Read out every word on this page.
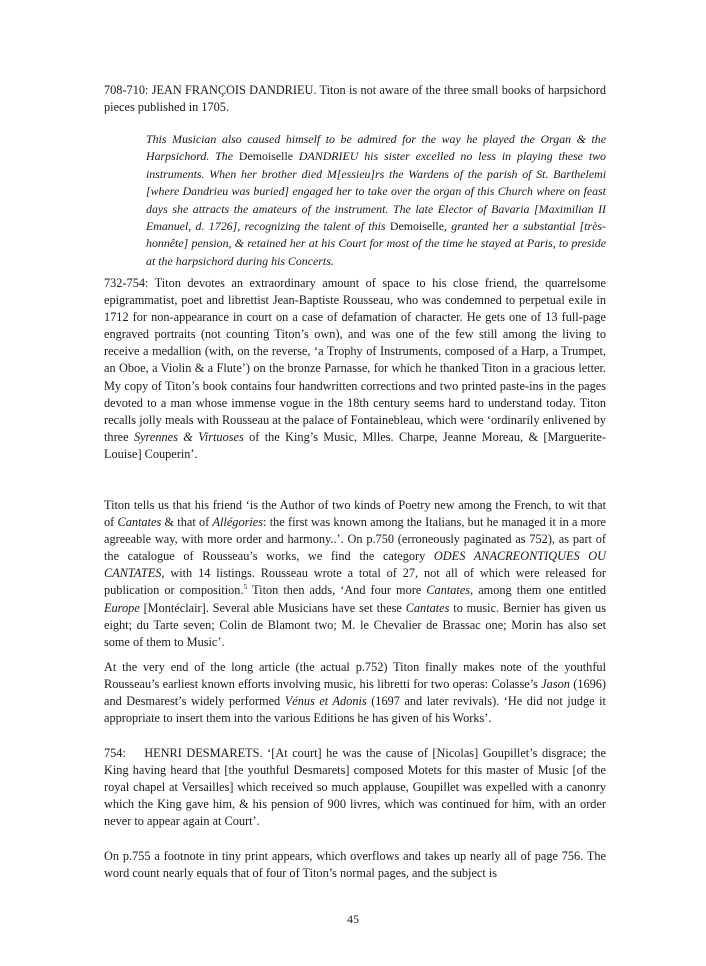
708-710: JEAN FRANÇOIS DANDRIEU. Titon is not aware of the three small books of harpsichord pieces published in 1705.

This Musician also caused himself to be admired for the way he played the Organ & the Harpsichord. The Demoiselle DANDRIEU his sister excelled no less in playing these two instruments. When her brother died M[essieu]rs the Wardens of the parish of St. Barthelemi [where Dandrieu was buried] engaged her to take over the organ of this Church where on feast days she attracts the amateurs of the instrument. The late Elector of Bavaria [Maximilian II Emanuel, d. 1726], recognizing the talent of this Demoiselle, granted her a substantial [très-honnête] pension, & retained her at his Court for most of the time he stayed at Paris, to preside at the harpsichord during his Concerts.

732-754: Titon devotes an extraordinary amount of space to his close friend, the quarrelsome epigrammatist, poet and librettist Jean-Baptiste Rousseau, who was condemned to perpetual exile in 1712 for non-appearance in court on a case of defamation of character. He gets one of 13 full-page engraved portraits (not counting Titon’s own), and was one of the few still among the living to receive a medallion (with, on the reverse, ‘a Trophy of Instruments, composed of a Harp, a Trumpet, an Oboe, a Violin & a Flute’) on the bronze Parnasse, for which he thanked Titon in a gracious letter. My copy of Titon’s book contains four handwritten corrections and two printed paste-ins in the pages devoted to a man whose immense vogue in the 18th century seems hard to understand today. Titon recalls jolly meals with Rousseau at the palace of Fontainebleau, which were ‘ordinarily enlivened by three Syrennes & Virtuoses of the King’s Music, Mlles. Charpe, Jeanne Moreau, & [Marguerite-Louise] Couperin’.

Titon tells us that his friend ‘is the Author of two kinds of Poetry new among the French, to wit that of Cantates & that of Allégories: the first was known among the Italians, but he managed it in a more agreeable way, with more order and harmony..’. On p.750 (erroneously paginated as 752), as part of the catalogue of Rousseau’s works, we find the category ODES ANACREONTIQUES OU CANTATES, with 14 listings. Rousseau wrote a total of 27, not all of which were released for publication or composition.$^5$ Titon then adds, ‘And four more Cantates, among them one entitled Europe [Montéclair]. Several able Musicians have set these Cantates to music. Bernier has given us eight; du Tarte seven; Colin de Blamont two; M. le Chevalier de Brassac one; Morin has also set some of them to Music’.

At the very end of the long article (the actual p.752) Titon finally makes note of the youthful Rousseau’s earliest known efforts involving music, his libretti for two operas: Colasse’s Jason (1696) and Desmarest’s widely performed Vénus et Adonis (1697 and later revivals). ‘He did not judge it appropriate to insert them into the various Editions he has given of his Works’.

754:    HENRI DESMARETS. ‘[At court] he was the cause of [Nicolas] Goupillet’s disgrace; the King having heard that [the youthful Desmarets] composed Motets for this master of Music [of the royal chapel at Versailles] which received so much applause, Goupillet was expelled with a canonry which the King gave him, & his pension of 900 livres, which was continued for him, with an order never to appear again at Court’.

On p.755 a footnote in tiny print appears, which overflows and takes up nearly all of page 756. The word count nearly equals that of four of Titon’s normal pages, and the subject is

45
